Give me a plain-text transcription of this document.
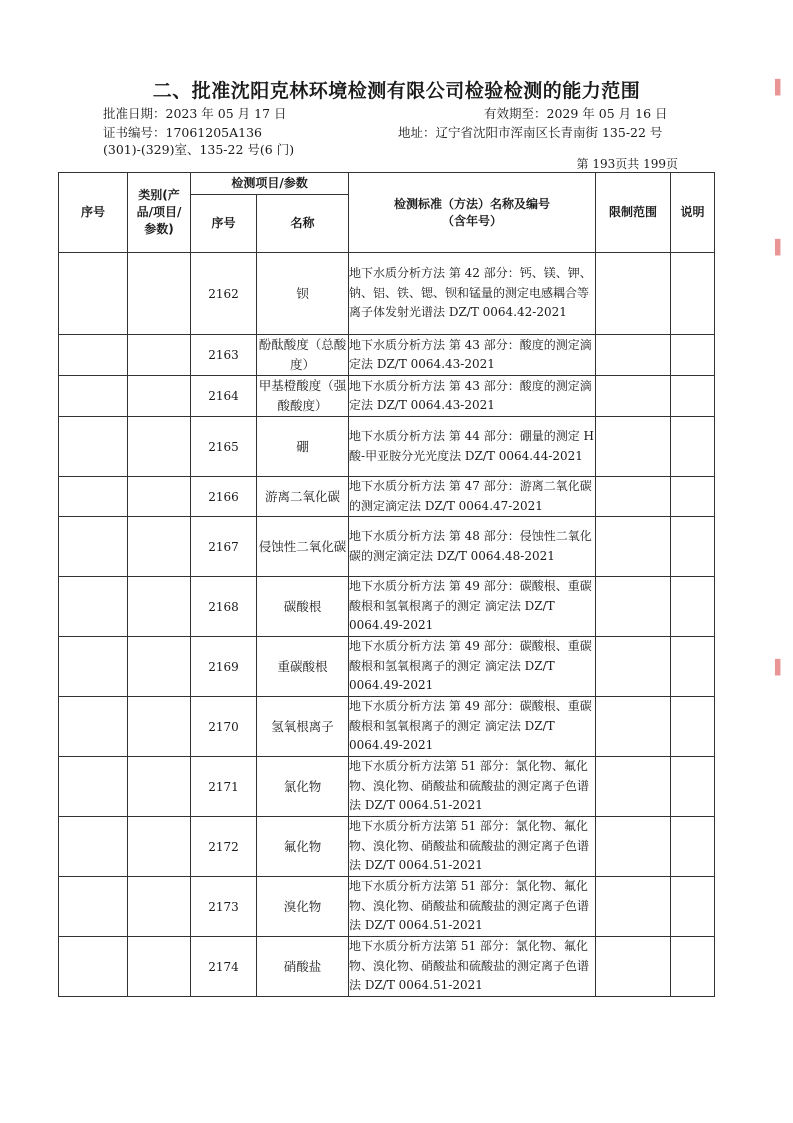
二、批准沈阳克林环境检测有限公司检验检测的能力范围
批准日期：2023 年 05 月 17 日	有效期至：2029 年 05 月 16 日
证书编号：17061205A136	地址：辽宁省沈阳市浑南区长青南街 135-22 号
(301)-(329)室、135-22 号(6 门)
第 193页共 199页
序号	类别(产品/项目/参数)	检测项目/参数		检测标准（方法）名称及编号（含年号）	限制范围	说明
		序号	名称			
		2162	钡	地下水质分析方法 第 42 部分：钙、镁、钾、钠、铝、铁、锶、钡和锰量的测定电感耦合等离子体发射光谱法 DZ/T 0064.42-2021		
		2163	酚酞酸度（总酸度）	地下水质分析方法 第 43 部分：酸度的测定滴定法 DZ/T 0064.43-2021		
		2164	甲基橙酸度（强酸酸度）	地下水质分析方法 第 43 部分：酸度的测定滴定法 DZ/T 0064.43-2021		
		2165	硼	地下水质分析方法 第 44 部分：硼量的测定 H 酸-甲亚胺分光光度法 DZ/T 0064.44-2021		
		2166	游离二氧化碳	地下水质分析方法 第 47 部分：游离二氧化碳的测定滴定法 DZ/T 0064.47-2021		
		2167	侵蚀性二氧化碳	地下水质分析方法 第 48 部分：侵蚀性二氧化碳的测定滴定法 DZ/T 0064.48-2021		
		2168	碳酸根	地下水质分析方法 第 49 部分：碳酸根、重碳酸根和氢氧根离子的测定 滴定法 DZ/T 0064.49-2021		
		2169	重碳酸根	地下水质分析方法 第 49 部分：碳酸根、重碳酸根和氢氧根离子的测定 滴定法 DZ/T 0064.49-2021		
		2170	氢氧根离子	地下水质分析方法 第 49 部分：碳酸根、重碳酸根和氢氧根离子的测定 滴定法 DZ/T 0064.49-2021		
		2171	氯化物	地下水质分析方法第 51 部分：氯化物、氟化物、溴化物、硝酸盐和硫酸盐的测定离子色谱法 DZ/T 0064.51-2021		
		2172	氟化物	地下水质分析方法第 51 部分：氯化物、氟化物、溴化物、硝酸盐和硫酸盐的测定离子色谱法 DZ/T 0064.51-2021		
		2173	溴化物	地下水质分析方法第 51 部分：氯化物、氟化物、溴化物、硝酸盐和硫酸盐的测定离子色谱法 DZ/T 0064.51-2021		
		2174	硝酸盐	地下水质分析方法第 51 部分：氯化物、氟化物、溴化物、硝酸盐和硫酸盐的测定离子色谱法 DZ/T 0064.51-2021		
▌
▌
▌
